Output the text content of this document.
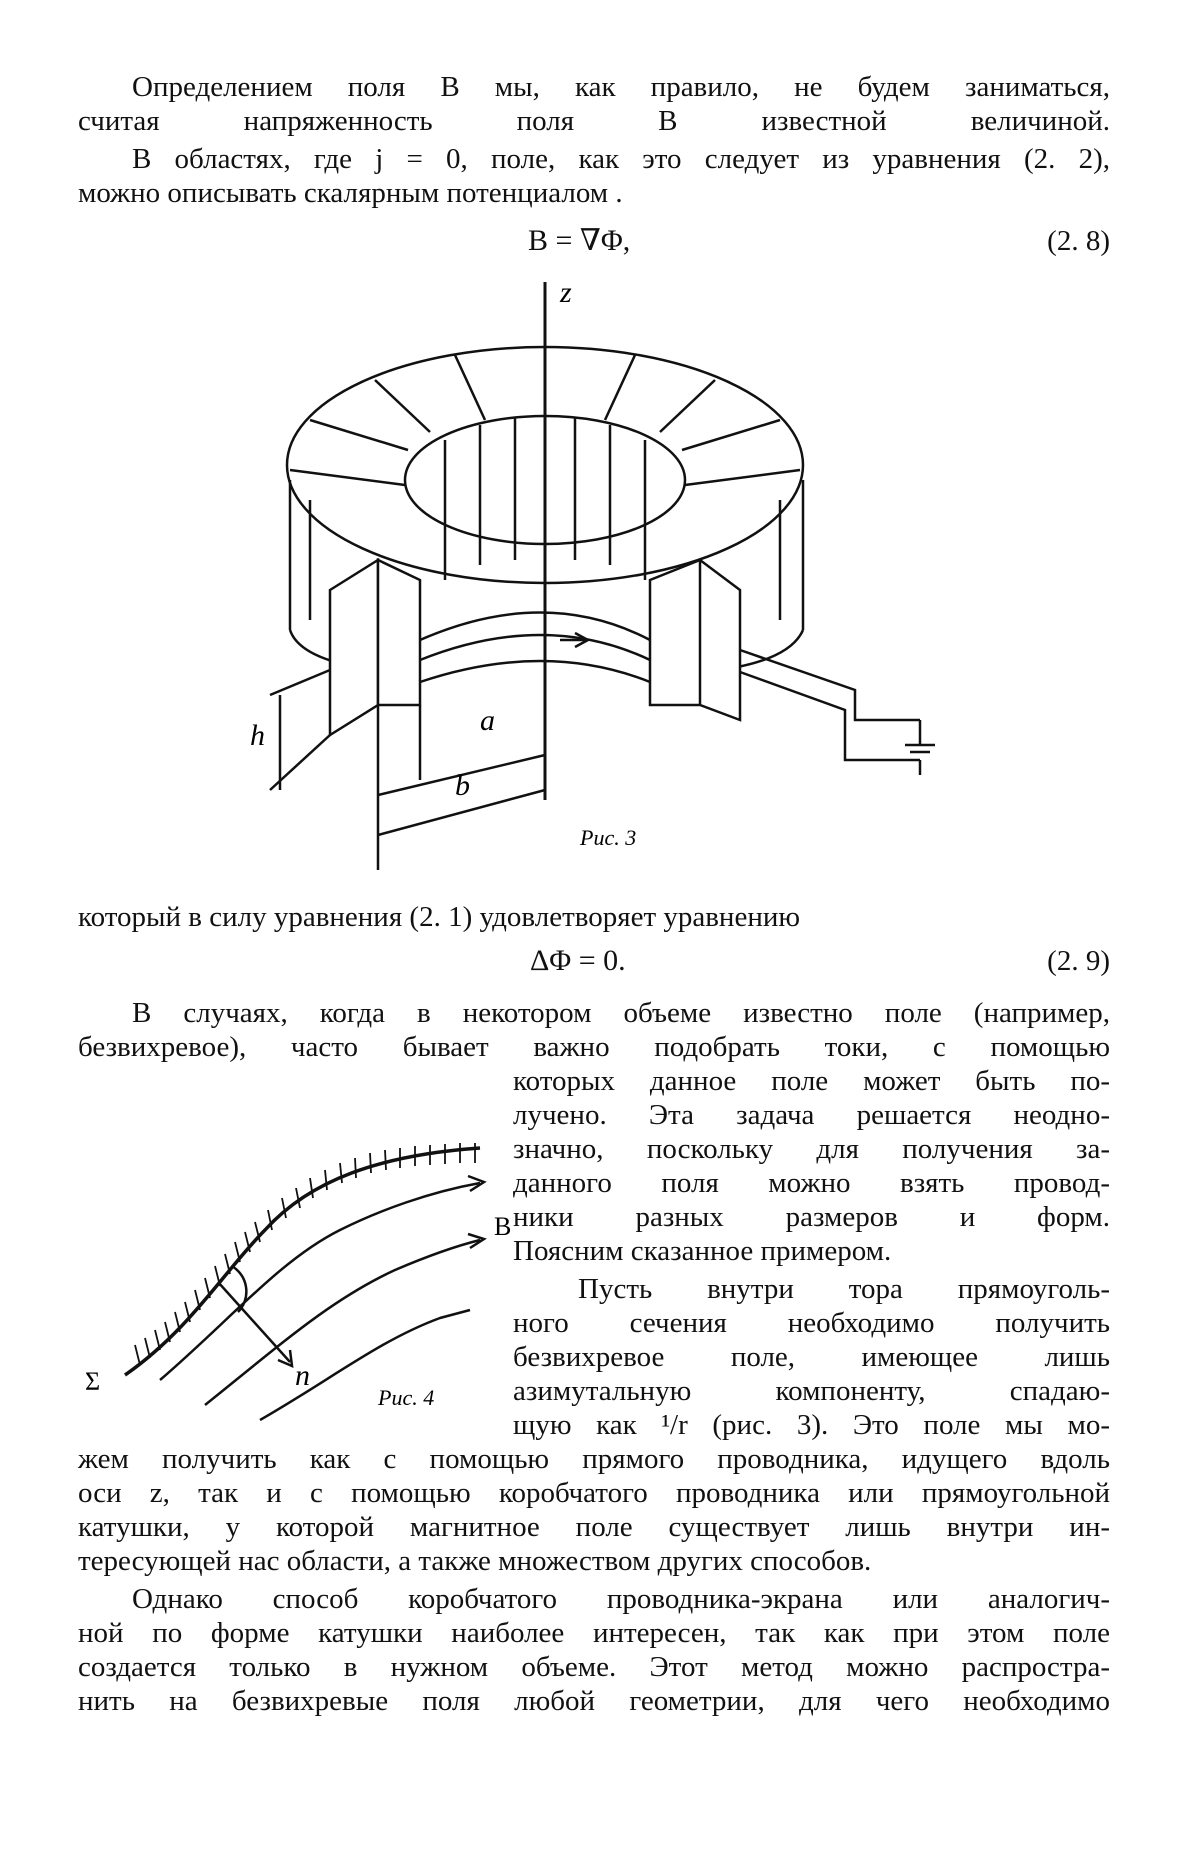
Определением поля B мы, как правило, не будем заниматься,
считая напряженность поля B известной величиной.
В областях, где j = 0, поле, как это следует из уравнения (2. 2),
можно описывать скалярным потенциалом .
B = ∇Φ,	(2. 8)
z
h	a
b
Рис. 3
который в силу уравнения (2. 1) удовлетворяет уравнению
ΔΦ = 0.	(2. 9)
В случаях, когда в некотором объеме известно поле (например,
безвихревое), часто бывает важно подобрать токи, с помощью
которых данное поле может быть по-
лучено. Эта задача решается неодно-
значно, поскольку для получения за-
данного поля можно взять провод-
ники разных размеров и форм.
Поясним сказанное примером.
Пусть внутри тора прямоуголь-
ного сечения необходимо получить
безвихревое поле, имеющее лишь
азимутальную компоненту, спадаю-
щую как ¹/r (рис. 3). Это поле мы мо-
жем получить как с помощью прямого проводника, идущего вдоль
оси z, так и с помощью коробчатого проводника или прямоугольной
катушки, у которой магнитное поле существует лишь внутри ин-
тересующей нас области, а также множеством других способов.
B
n
Σ
Рис. 4
Однако способ коробчатого проводника-экрана или аналогич-
ной по форме катушки наиболее интересен, так как при этом поле
создается только в нужном объеме. Этот метод можно распростра-
нить на безвихревые поля любой геометрии, для чего необходимо
